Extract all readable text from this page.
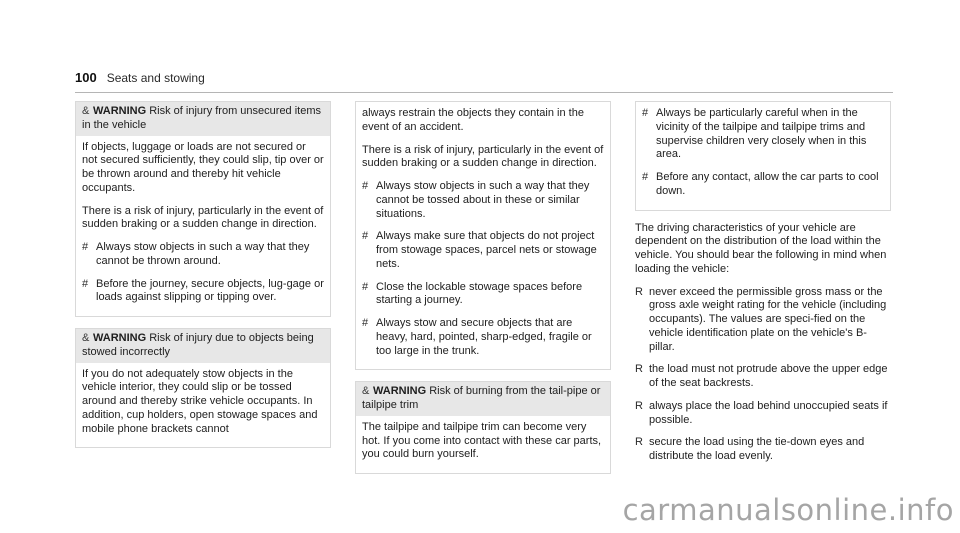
100 Seats and stowing
& WARNING Risk of injury from unsecured items in the vehicle

If objects, luggage or loads are not secured or not secured sufficiently, they could slip, tip over or be thrown around and thereby hit vehicle occupants.

There is a risk of injury, particularly in the event of sudden braking or a sudden change in direction.

# Always stow objects in such a way that they cannot be thrown around.
# Before the journey, secure objects, lug-gage or loads against slipping or tipping over.
& WARNING Risk of injury due to objects being stowed incorrectly

If you do not adequately stow objects in the vehicle interior, they could slip or be tossed around and thereby strike vehicle occupants. In addition, cup holders, open stowage spaces and mobile phone brackets cannot

always restrain the objects they contain in the event of an accident.

There is a risk of injury, particularly in the event of sudden braking or a sudden change in direction.

# Always stow objects in such a way that they cannot be tossed about in these or similar situations.
# Always make sure that objects do not project from stowage spaces, parcel nets or stowage nets.
# Close the lockable stowage spaces before starting a journey.
# Always stow and secure objects that are heavy, hard, pointed, sharp-edged, fragile or too large in the trunk.
& WARNING Risk of burning from the tail-pipe or tailpipe trim

The tailpipe and tailpipe trim can become very hot. If you come into contact with these car parts, you could burn yourself.

# Always be particularly careful when in the vicinity of the tailpipe and tailpipe trims and supervise children very closely when in this area.
# Before any contact, allow the car parts to cool down.

The driving characteristics of your vehicle are dependent on the distribution of the load within the vehicle. You should bear the following in mind when loading the vehicle:

R never exceed the permissible gross mass or the gross axle weight rating for the vehicle (including occupants). The values are speci-fied on the vehicle identification plate on the vehicle's B-pillar.
R the load must not protrude above the upper edge of the seat backrests.
R always place the load behind unoccupied seats if possible.
R secure the load using the tie-down eyes and distribute the load evenly.
carmanualsonline.info
